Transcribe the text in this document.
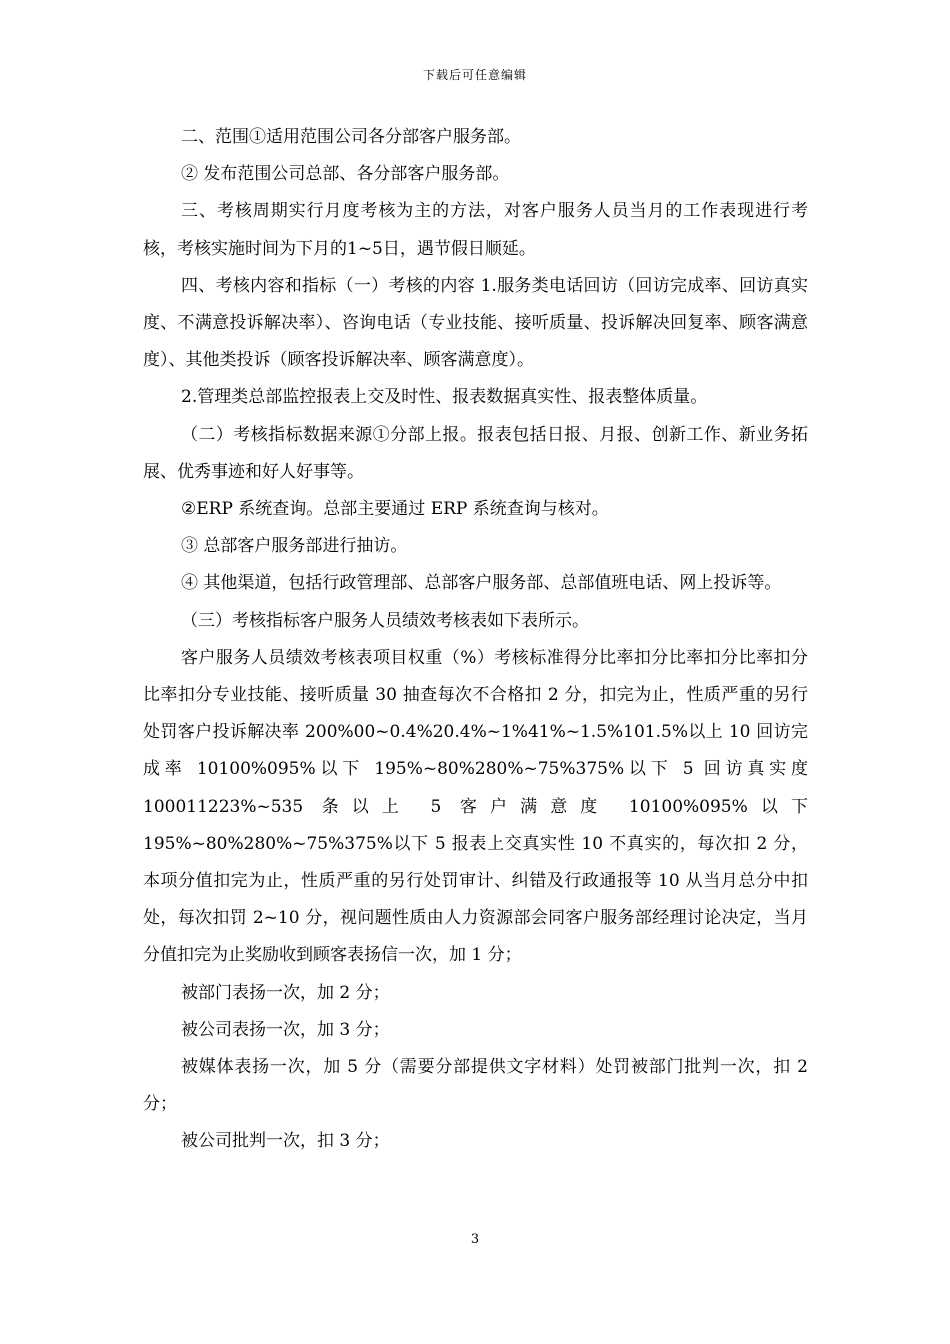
下载后可任意编辑

二、范围①适用范围公司各分部客户服务部。

② 发布范围公司总部、各分部客户服务部。

三、考核周期实行月度考核为主的方法，对客户服务人员当月的工作表现进行考核，考核实施时间为下月的1~5日，遇节假日顺延。

四、考核内容和指标（一）考核的内容 1.服务类电话回访（回访完成率、回访真实度、不满意投诉解决率）、咨询电话（专业技能、接听质量、投诉解决回复率、顾客满意度）、其他类投诉（顾客投诉解决率、顾客满意度）。

2.管理类总部监控报表上交及时性、报表数据真实性、报表整体质量。

（二）考核指标数据来源①分部上报。报表包括日报、月报、创新工作、新业务拓展、优秀事迹和好人好事等。

②ERP 系统查询。总部主要通过 ERP 系统查询与核对。

③ 总部客户服务部进行抽访。

④ 其他渠道，包括行政管理部、总部客户服务部、总部值班电话、网上投诉等。

（三）考核指标客户服务人员绩效考核表如下表所示。

客户服务人员绩效考核表项目权重（%）考核标准得分比率扣分比率扣分比率扣分比率扣分专业技能、接听质量 30 抽查每次不合格扣 2 分，扣完为止，性质严重的另行处罚客户投诉解决率 200%00~0.4%20.4%~1%41%~1.5%101.5%以上 10 回访完成率 10100%095%以下 195%~80%280%~75%375%以下 5 回访真实度 100011223%~535 条以上 5 客户满意度 10100%095%以下 195%~80%280%~75%375%以下 5 报表上交真实性 10 不真实的，每次扣 2 分，本项分值扣完为止，性质严重的另行处罚审计、纠错及行政通报等 10 从当月总分中扣处，每次扣罚 2~10 分，视问题性质由人力资源部会同客户服务部经理讨论决定，当月分值扣完为止奖励收到顾客表扬信一次，加 1 分；

被部门表扬一次，加 2 分；

被公司表扬一次，加 3 分；

被媒体表扬一次，加 5 分（需要分部提供文字材料）处罚被部门批判一次，扣 2 分；

被公司批判一次，扣 3 分；

3
